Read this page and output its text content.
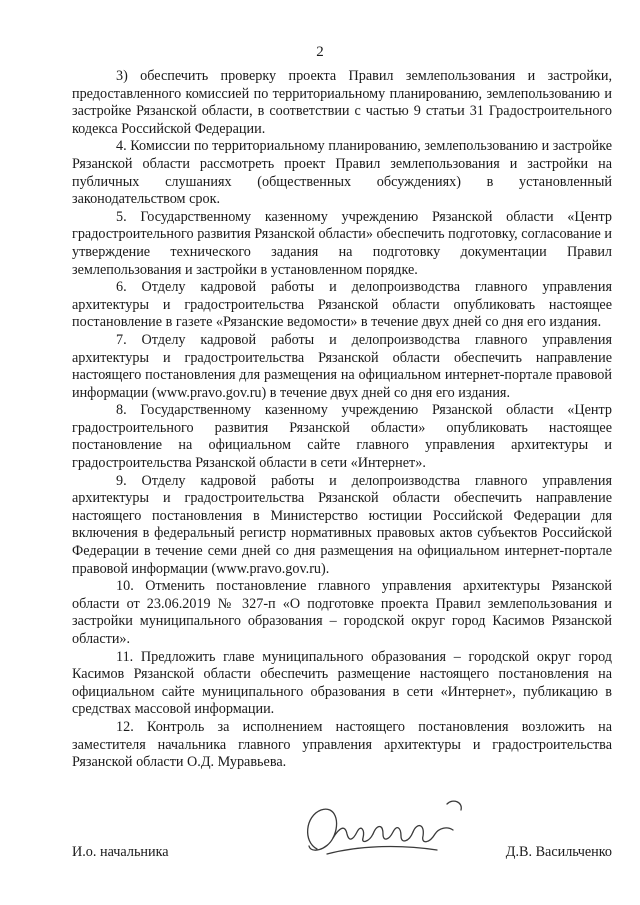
2

3) обеспечить проверку проекта Правил землепользования и застройки, предоставленного комиссией по территориальному планированию, землепользованию и застройке Рязанской области, в соответствии с частью 9 статьи 31 Градостроительного кодекса Российской Федерации.

4. Комиссии по территориальному планированию, землепользованию и застройке Рязанской области рассмотреть проект Правил землепользования и застройки на публичных слушаниях (общественных обсуждениях) в установленный законодательством срок.

5. Государственному казенному учреждению Рязанской области «Центр градостроительного развития Рязанской области» обеспечить подготовку, согласование и утверждение технического задания на подготовку документации Правил землепользования и застройки в установленном порядке.

6. Отделу кадровой работы и делопроизводства главного управления архитектуры и градостроительства Рязанской области опубликовать настоящее постановление в газете «Рязанские ведомости» в течение двух дней со дня его издания.

7. Отделу кадровой работы и делопроизводства главного управления архитектуры и градостроительства Рязанской области обеспечить направление настоящего постановления для размещения на официальном интернет-портале правовой информации (www.pravo.gov.ru) в течение двух дней со дня его издания.

8. Государственному казенному учреждению Рязанской области «Центр градостроительного развития Рязанской области» опубликовать настоящее постановление на официальном сайте главного управления архитектуры и градостроительства Рязанской области в сети «Интернет».

9. Отделу кадровой работы и делопроизводства главного управления архитектуры и градостроительства Рязанской области обеспечить направление настоящего постановления в Министерство юстиции Российской Федерации для включения в федеральный регистр нормативных правовых актов субъектов Российской Федерации в течение семи дней со дня размещения на официальном интернет-портале правовой информации (www.pravo.gov.ru).

10. Отменить постановление главного управления архитектуры Рязанской области от 23.06.2019 № 327-п «О подготовке проекта Правил землепользования и застройки муниципального образования – городской округ город Касимов Рязанской области».

11. Предложить главе муниципального образования – городской округ город Касимов Рязанской области обеспечить размещение настоящего постановления на официальном сайте муниципального образования в сети «Интернет», публикацию в средствах массовой информации.

12. Контроль за исполнением настоящего постановления возложить на заместителя начальника главного управления архитектуры и градостроительства Рязанской области О.Д. Муравьева.

И.о. начальника	Д.В. Васильченко
